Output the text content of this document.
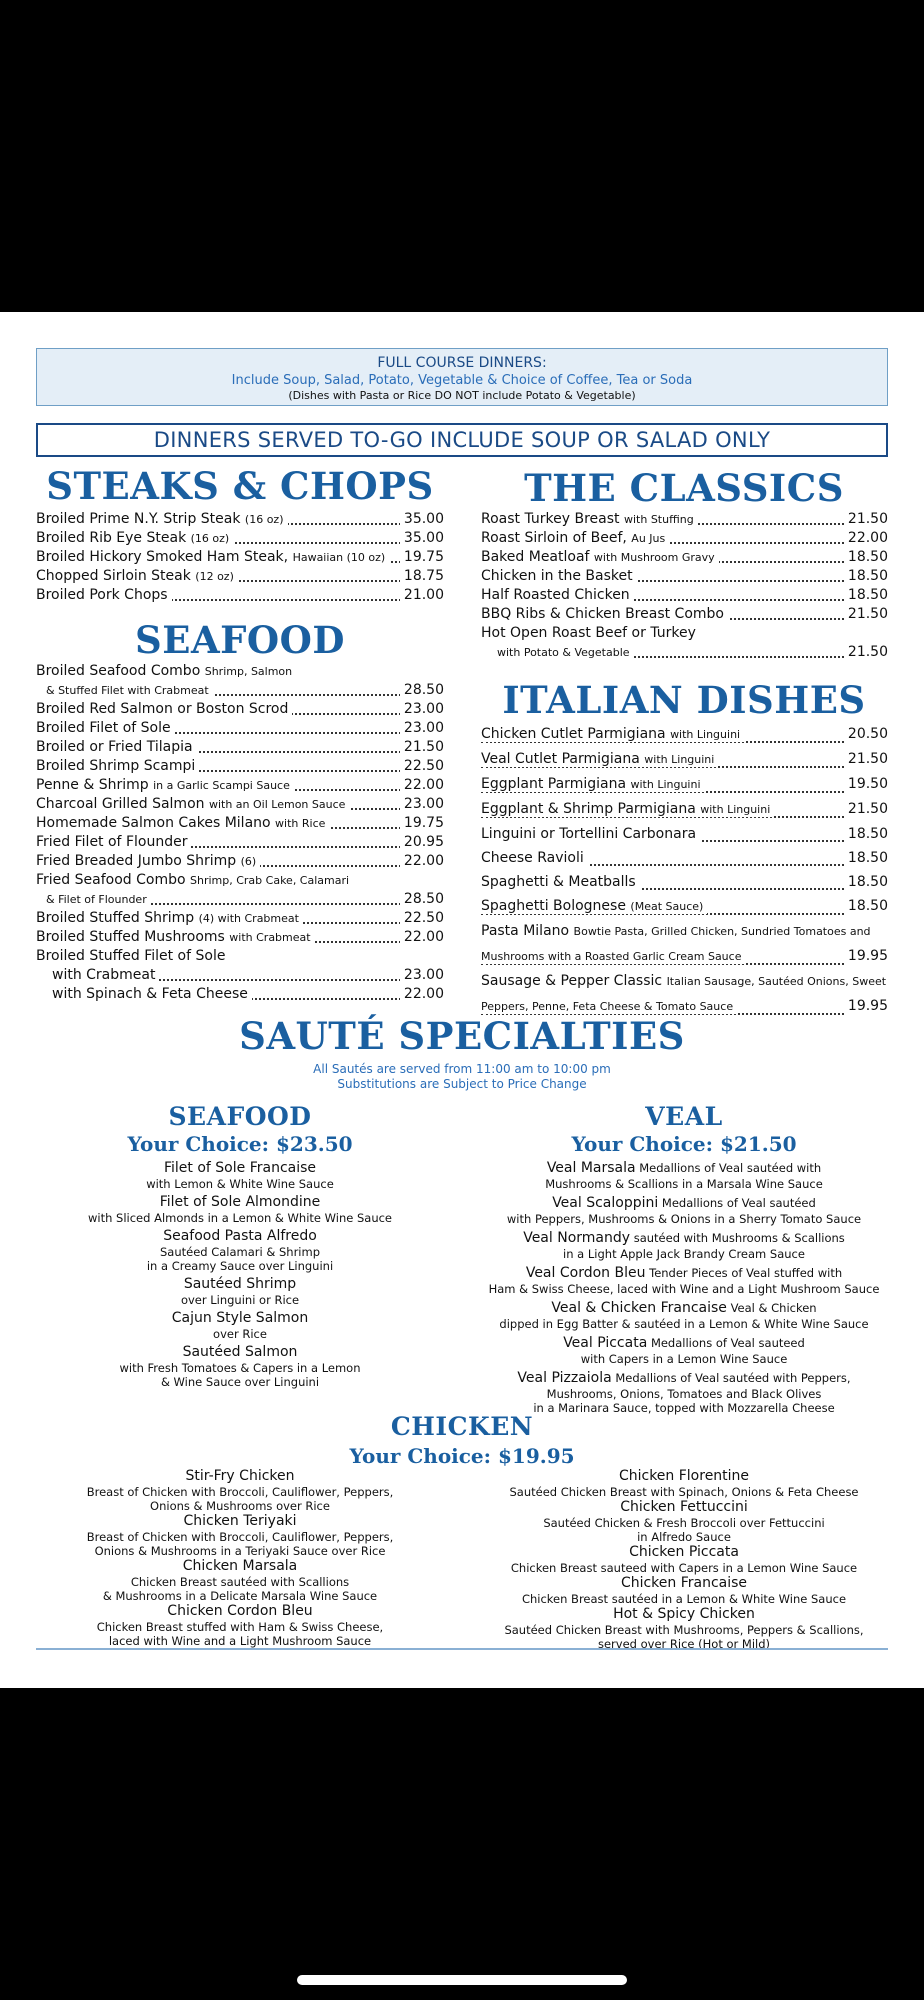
FULL COURSE DINNERS:
Include Soup, Salad, Potato, Vegetable & Choice of Coffee, Tea or Soda
(Dishes with Pasta or Rice DO NOT include Potato & Vegetable)
DINNERS SERVED TO-GO INCLUDE SOUP OR SALAD ONLY
STEAKS & CHOPS
Broiled Prime N.Y. Strip Steak (16 oz)	35.00
Broiled Rib Eye Steak (16 oz)	35.00
Broiled Hickory Smoked Ham Steak, Hawaiian (10 oz) 19.75
Chopped Sirloin Steak (12 oz)	18.75
Broiled Pork Chops	21.00
SEAFOOD
Broiled Seafood Combo Shrimp, Salmon
& Stuffed Filet with Crabmeat	28.50
Broiled Red Salmon or Boston Scrod	23.00
Broiled Filet of Sole	23.00
Broiled or Fried Tilapia	21.50
Broiled Shrimp Scampi	22.50
Penne & Shrimp in a Garlic Scampi Sauce	22.00
Charcoal Grilled Salmon with an Oil Lemon Sauce	23.00
Homemade Salmon Cakes Milano with Rice	19.75
Fried Filet of Flounder	20.95
Fried Breaded Jumbo Shrimp (6)	22.00
Fried Seafood Combo Shrimp, Crab Cake, Calamari
& Filet of Flounder	28.50
Broiled Stuffed Shrimp (4) with Crabmeat	22.50
Broiled Stuffed Mushrooms with Crabmeat	22.00
Broiled Stuffed Filet of Sole
with Crabmeat	23.00
with Spinach & Feta Cheese	22.00
THE CLASSICS
Roast Turkey Breast with Stuffing	21.50
Roast Sirloin of Beef, Au Jus	22.00
Baked Meatloaf with Mushroom Gravy	18.50
Chicken in the Basket	18.50
Half Roasted Chicken	18.50
BBQ Ribs & Chicken Breast Combo	21.50
Hot Open Roast Beef or Turkey
with Potato & Vegetable	21.50
ITALIAN DISHES
Chicken Cutlet Parmigiana with Linguini	20.50
Veal Cutlet Parmigiana with Linguini	21.50
Eggplant Parmigiana with Linguini	19.50
Eggplant & Shrimp Parmigiana with Linguini	21.50
Linguini or Tortellini Carbonara	18.50
Cheese Ravioli	18.50
Spaghetti & Meatballs	18.50
Spaghetti Bolognese (Meat Sauce)	18.50
Pasta Milano Bowtie Pasta, Grilled Chicken, Sundried Tomatoes and
Mushrooms with a Roasted Garlic Cream Sauce	19.95
Sausage & Pepper Classic Italian Sausage, Sautéed Onions, Sweet
Peppers, Penne, Feta Cheese & Tomato Sauce	19.95
SAUTÉ SPECIALTIES
All Sautés are served from 11:00 am to 10:00 pm
Substitutions are Subject to Price Change
SEAFOOD
Your Choice: $23.50
Filet of Sole Francaise
with Lemon & White Wine Sauce
Filet of Sole Almondine
with Sliced Almonds in a Lemon & White Wine Sauce
Seafood Pasta Alfredo
Sautéed Calamari & Shrimp
in a Creamy Sauce over Linguini
Sautéed Shrimp
over Linguini or Rice
Cajun Style Salmon
over Rice
Sautéed Salmon
with Fresh Tomatoes & Capers in a Lemon
& Wine Sauce over Linguini
VEAL
Your Choice: $21.50
Veal Marsala Medallions of Veal sautéed with
Mushrooms & Scallions in a Marsala Wine Sauce
Veal Scaloppini Medallions of Veal sautéed
with Peppers, Mushrooms & Onions in a Sherry Tomato Sauce
Veal Normandy sautéed with Mushrooms & Scallions
in a Light Apple Jack Brandy Cream Sauce
Veal Cordon Bleu Tender Pieces of Veal stuffed with
Ham & Swiss Cheese, laced with Wine and a Light Mushroom Sauce
Veal & Chicken Francaise Veal & Chicken
dipped in Egg Batter & sautéed in a Lemon & White Wine Sauce
Veal Piccata Medallions of Veal sauteed
with Capers in a Lemon Wine Sauce
Veal Pizzaiola Medallions of Veal sautéed with Peppers,
Mushrooms, Onions, Tomatoes and Black Olives
in a Marinara Sauce, topped with Mozzarella Cheese
CHICKEN
Your Choice: $19.95
Stir-Fry Chicken
Breast of Chicken with Broccoli, Cauliflower, Peppers,
Onions & Mushrooms over Rice
Chicken Teriyaki
Breast of Chicken with Broccoli, Cauliflower, Peppers,
Onions & Mushrooms in a Teriyaki Sauce over Rice
Chicken Marsala
Chicken Breast sautéed with Scallions
& Mushrooms in a Delicate Marsala Wine Sauce
Chicken Cordon Bleu
Chicken Breast stuffed with Ham & Swiss Cheese,
laced with Wine and a Light Mushroom Sauce
Chicken Florentine
Sautéed Chicken Breast with Spinach, Onions & Feta Cheese
Chicken Fettuccini
Sautéed Chicken & Fresh Broccoli over Fettuccini
in Alfredo Sauce
Chicken Piccata
Chicken Breast sauteed with Capers in a Lemon Wine Sauce
Chicken Francaise
Chicken Breast sautéed in a Lemon & White Wine Sauce
Hot & Spicy Chicken
Sautéed Chicken Breast with Mushrooms, Peppers & Scallions,
served over Rice (Hot or Mild)
